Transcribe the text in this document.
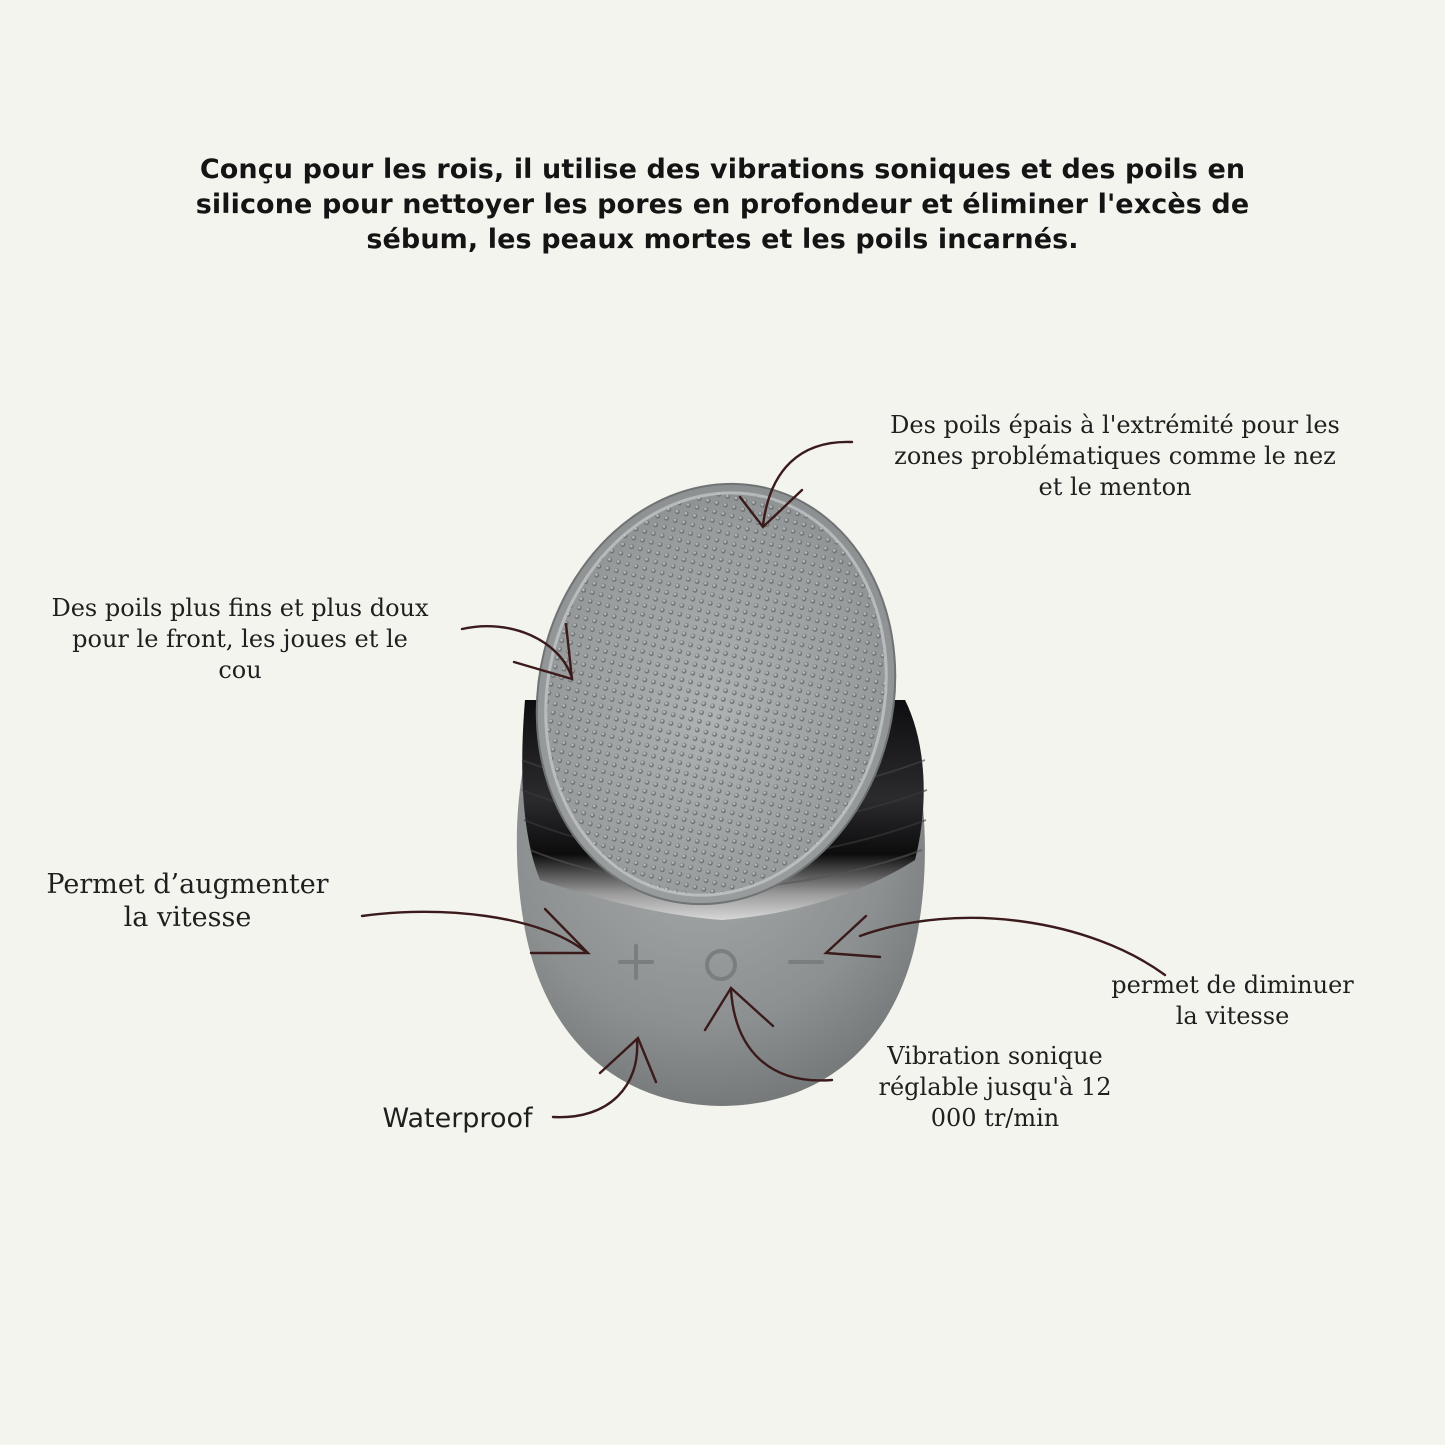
Conçu pour les rois, il utilise des vibrations soniques et des poils en
silicone pour nettoyer les pores en profondeur et éliminer l'excès de
sébum, les peaux mortes et les poils incarnés.
Des poils épais à l'extrémité pour les
zones problématiques comme le nez
et le menton
Des poils plus fins et plus doux
pour le front, les joues et le
cou
Permet d’augmenter
la vitesse
permet de diminuer
la vitesse
Vibration sonique
réglable jusqu'à 12
000 tr/min
Waterproof
